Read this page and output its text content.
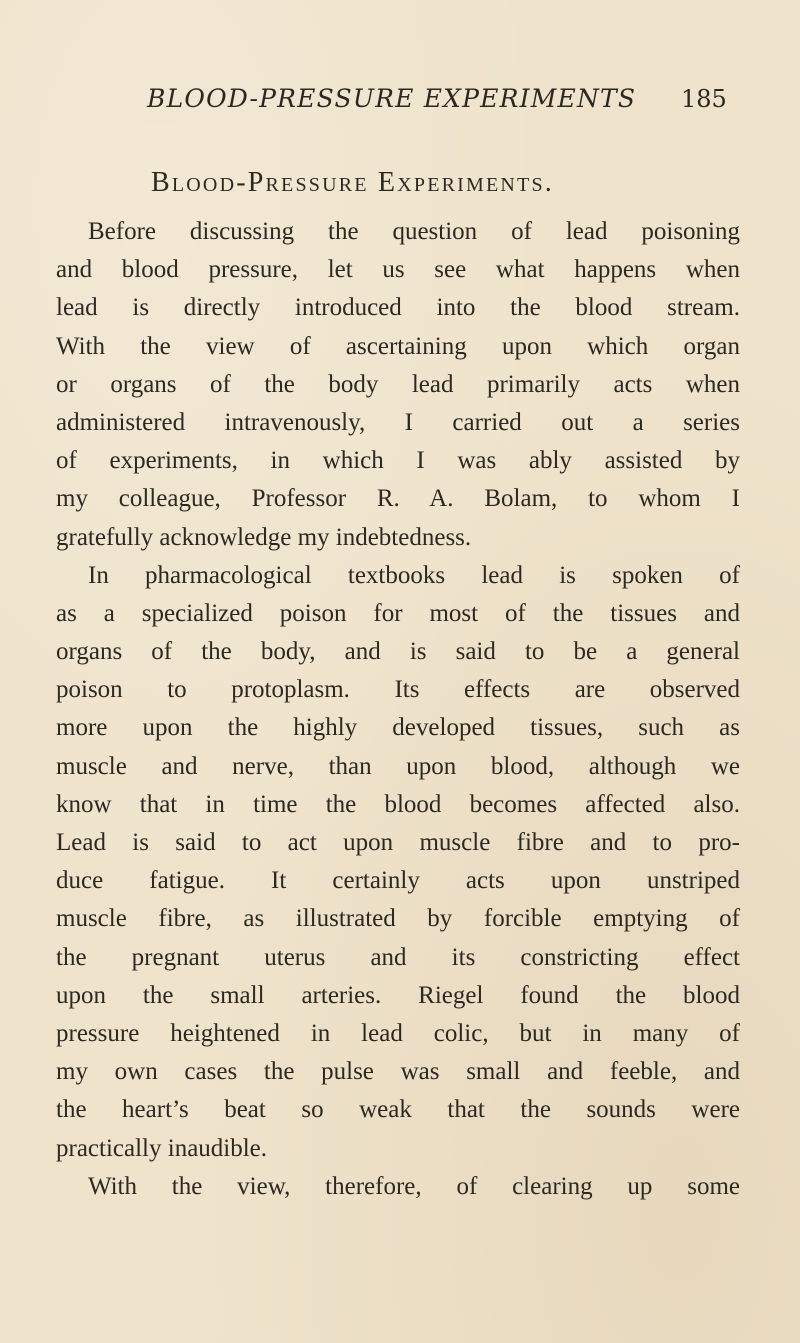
BLOOD-PRESSURE EXPERIMENTS	185
Blood-Pressure Experiments.
Before discussing the question of lead poisoning
and blood pressure, let us see what happens when
lead is directly introduced into the blood stream.
With the view of ascertaining upon which organ
or organs of the body lead primarily acts when
administered intravenously, I carried out a series
of experiments, in which I was ably assisted by
my colleague, Professor R. A. Bolam, to whom I
gratefully acknowledge my indebtedness.
In pharmacological textbooks lead is spoken of
as a specialized poison for most of the tissues and
organs of the body, and is said to be a general
poison to protoplasm. Its effects are observed
more upon the highly developed tissues, such as
muscle and nerve, than upon blood, although we
know that in time the blood becomes affected also.
Lead is said to act upon muscle fibre and to pro-
duce fatigue. It certainly acts upon unstriped
muscle fibre, as illustrated by forcible emptying of
the pregnant uterus and its constricting effect
upon the small arteries. Riegel found the blood
pressure heightened in lead colic, but in many of
my own cases the pulse was small and feeble, and
the heart’s beat so weak that the sounds were
practically inaudible.
With the view, therefore, of clearing up some
